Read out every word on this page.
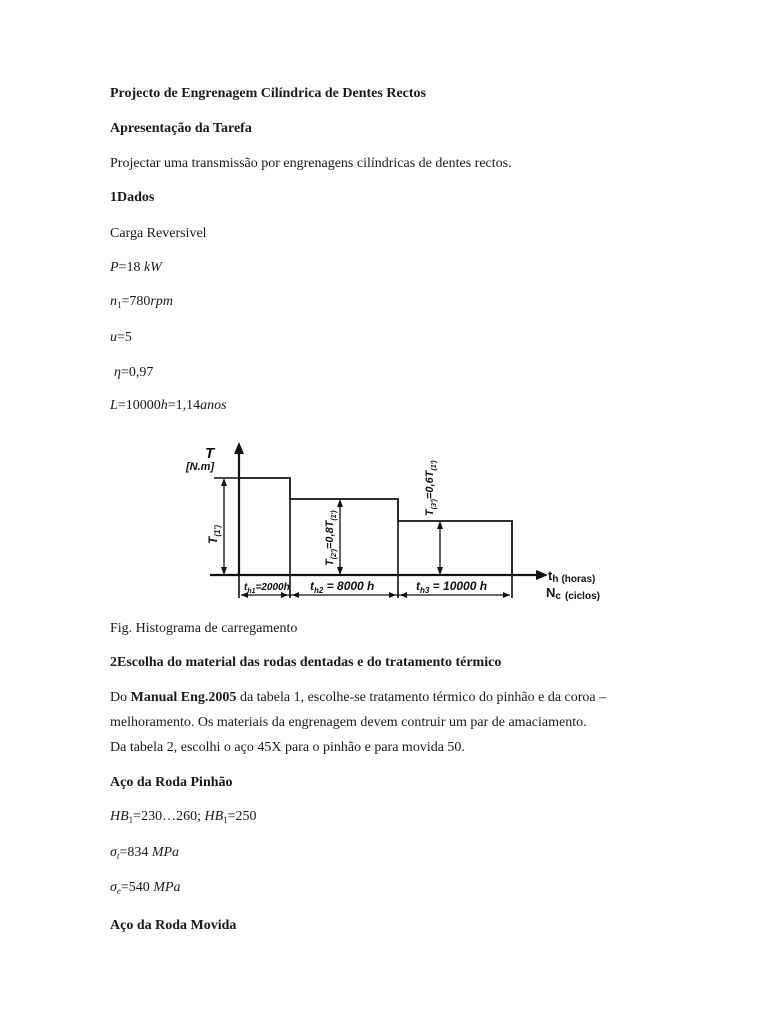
Projecto de Engrenagem Cilíndrica de Dentes Rectos
Apresentação da Tarefa
Projectar uma transmissão por engrenagens cilíndricas de dentes rectos.
1Dados
Carga Reversivel
P=18 kW
$n_1=780rpm$
u=5
η=0,97
L=10000h=1,14anos
T
[N.m]
$T_{(1')}$
$T_{(2')}=0,8T_{(1')}$	$T_{(3')}=0,6T_{(1')}$
$t_{h1}=2000h$ $t_{h2} = 8000$ h	$t_{h3} = 10000$ h
th (horas)
Nc (ciclos)
Fig. Histograma de carregamento
2Escolha do material das rodas dentadas e do tratamento térmico
Do Manual Eng.2005 da tabela 1, escolhe-se tratamento térmico do pinhão e da coroa –
melhoramento. Os materiais da engrenagem devem contruir um par de amaciamento.
Da tabela 2, escolhi o aço 45X para o pinhão e para movida 50.
Aço da Roda Pinhão
$HB_1=230\dots 260$; $HB_1=250$
$\sigma_t=834$ MPa
$\sigma_e=540$ MPa
Aço da Roda Movida
